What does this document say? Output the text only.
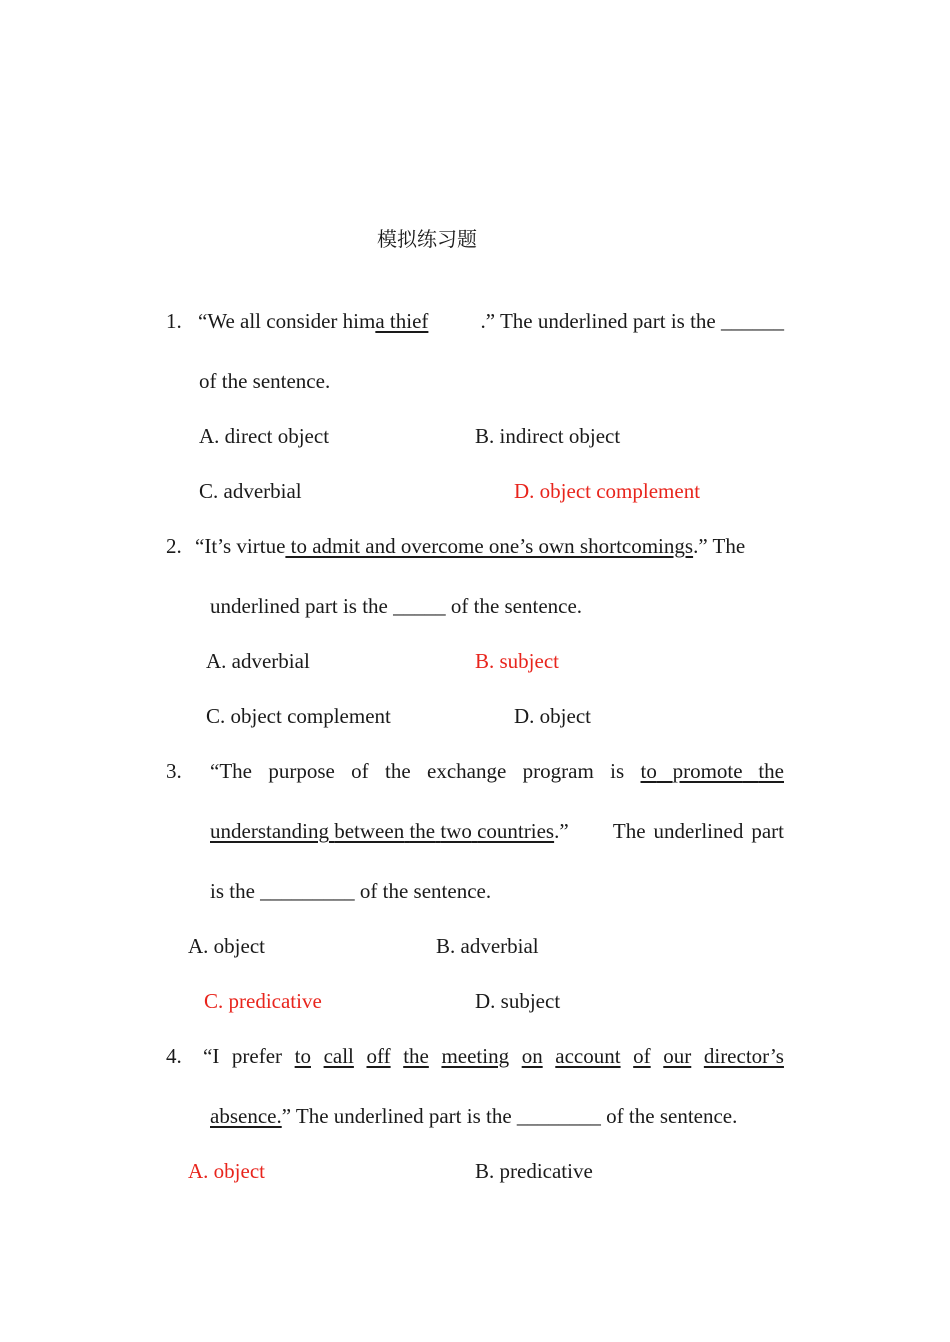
模拟练习题
1. “We all consider him a thief	.” The underlined part is the ______
of the sentence.
A. direct object	B. indirect object
C. adverbial	D. object complement
2. “It’s virtue to admit and overcome one’s own shortcomings .” The
underlined part is the _____ of the sentence.
A. adverbial	B. subject
C. object complement	D. object
3. “The purpose of the exchange program is to
promote
the
understanding between the two countries .”	The underlined part
is the _________ of the sentence.
A. object	B. adverbial
C. predicative	D. subject
4. “I prefer to call off the meeting on account of our director’s
absence.” The underlined part is the ________ of the sentence.
A. object	B. predicative
